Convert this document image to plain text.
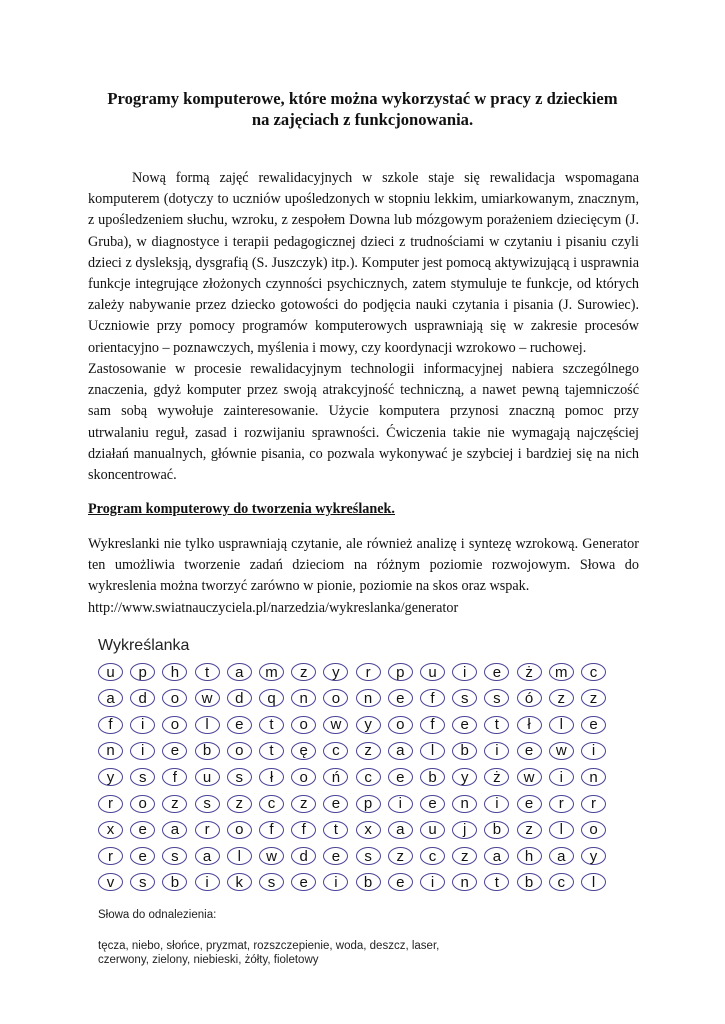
Programy komputerowe, które można wykorzystać w pracy z dzieckiem
na zajęciach z funkcjonowania.

Nową formą zajęć rewalidacyjnych w szkole staje się rewalidacja wspomagana komputerem (dotyczy to uczniów upośledzonych w stopniu lekkim, umiarkowanym, znacznym, z upośledzeniem słuchu, wzroku, z zespołem Downa lub mózgowym porażeniem dziecięcym (J. Gruba), w diagnostyce i terapii pedagogicznej dzieci z trudnościami w czytaniu i pisaniu czyli dzieci z dysleksją, dysgrafią (S. Juszczyk) itp.). Komputer jest pomocą aktywizującą i usprawnia funkcje integrujące złożonych czynności psychicznych, zatem stymuluje te funkcje, od których zależy nabywanie przez dziecko gotowości do podjęcia nauki czytania i pisania (J. Surowiec). Uczniowie przy pomocy programów komputerowych usprawniają się w zakresie procesów orientacyjno – poznawczych, myślenia i mowy, czy koordynacji wzrokowo – ruchowej.

Zastosowanie w procesie rewalidacyjnym technologii informacyjnej nabiera szczególnego znaczenia, gdyż komputer przez swoją atrakcyjność techniczną, a nawet pewną tajemniczość sam sobą wywołuje zainteresowanie. Użycie komputera przynosi znaczną pomoc przy utrwalaniu reguł, zasad i rozwijaniu sprawności. Ćwiczenia takie nie wymagają najczęściej działań manualnych, głównie pisania, co pozwala wykonywać je szybciej i bardziej się na nich skoncentrować.

Program komputerowy do tworzenia wykreślanek.

Wykreslanki nie tylko usprawniają czytanie, ale również analizę i syntezę wzrokową. Generator ten umożliwia tworzenie zadań dzieciom na różnym poziomie rozwojowym. Słowa do wykreslenia można tworzyć zarówno w pionie, poziomie na skos oraz wspak.

http://www.swiatnauczyciela.pl/narzedzia/wykreslanka/generator

Wykreślanka

u	p	h	t	a	m	z	y	r	p	u	i	e	ż	m	c
a	d	o	w	d	q	n	o	n	e	f	s	s	ó	z	z
f	i	o	l	e	t	o	w	y	o	f	e	t	ł	l	e
n	i	e	b	o	t	ę	c	z	a	l	b	i	e	w	i
y	s	f	u	s	ł	o	ń	c	e	b	y	ż	w	i	n
r	o	z	s	z	c	z	e	p	i	e	n	i	e	r	r
x	e	a	r	o	f	f	t	x	a	u	j	b	z	l	o
r	e	s	a	l	w	d	e	s	z	c	z	a	h	a	y
v	s	b	i	k	s	e	i	b	e	i	n	t	b	c	l

Słowa do odnalezienia:

tęcza, niebo, słońce, pryzmat, rozszczepienie, woda, deszcz, laser, czerwony, zielony, niebieski, żółty, fioletowy
